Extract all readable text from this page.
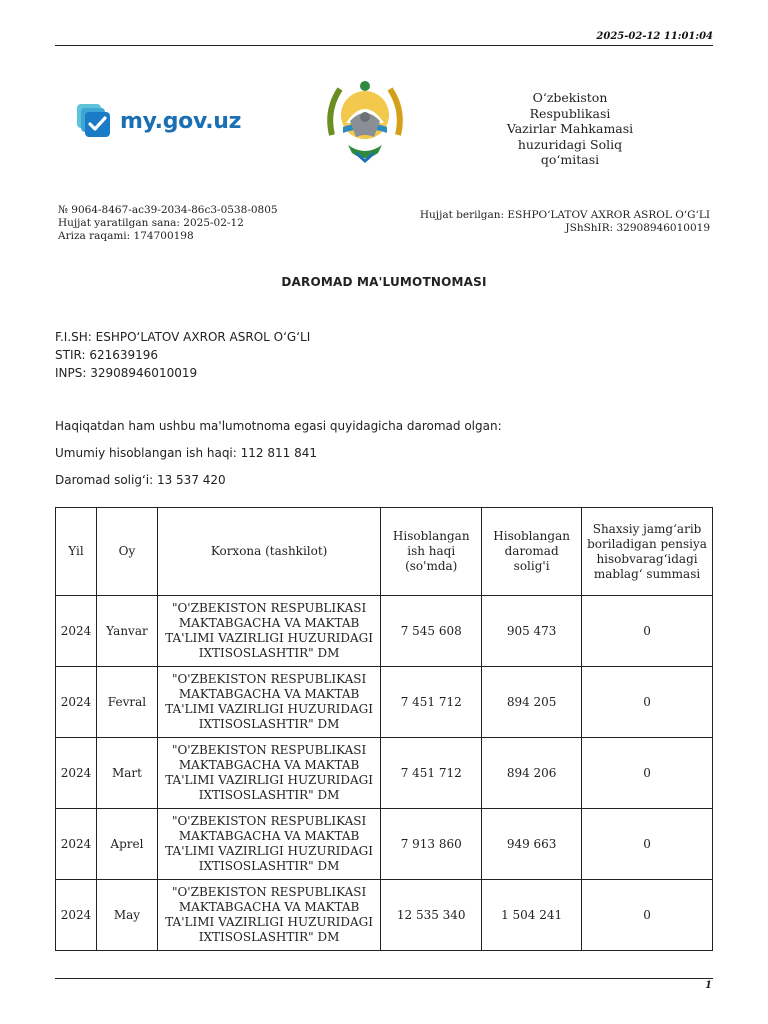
2025-02-12 11:01:04
my.gov.uz
O‘zbekiston Respublikasi
Vazirlar Mahkamasi
huzuridagi Soliq
qo‘mitasi
№ 9064-8467-ac39-2034-86c3-0538-0805
Hujjat yaratilgan sana: 2025-02-12
Ariza raqami: 174700198
Hujjat berilgan: ESHPO‘LATOV AXROR ASROL O‘G‘LI
JShShIR: 32908946010019
DAROMAD MA'LUMOTNOMASI
F.I.SH: ESHPO‘LATOV AXROR ASROL O‘G‘LI
STIR: 621639196
INPS: 32908946010019
Haqiqatdan ham ushbu ma'lumotnoma egasi quyidagicha daromad olgan:
Umumiy hisoblangan ish haqi: 112 811 841
Daromad solig‘i: 13 537 420
Yil	Oy	Korxona (tashkilot)	Hisoblangan ish haqi (so'mda)	Hisoblangan daromad solig'i	Shaxsiy jamg‘arib boriladigan pensiya hisobvarag‘idagi mablag‘ summasi
2024	Yanvar	"O'ZBEKISTON RESPUBLIKASI MAKTABGACHA VA MAKTAB TA'LIMI VAZIRLIGI HUZURIDAGI IXTISOSLASHTIR" DM	7 545 608	905 473	0
2024	Fevral	"O'ZBEKISTON RESPUBLIKASI MAKTABGACHA VA MAKTAB TA'LIMI VAZIRLIGI HUZURIDAGI IXTISOSLASHTIR" DM	7 451 712	894 205	0
2024	Mart	"O'ZBEKISTON RESPUBLIKASI MAKTABGACHA VA MAKTAB TA'LIMI VAZIRLIGI HUZURIDAGI IXTISOSLASHTIR" DM	7 451 712	894 206	0
2024	Aprel	"O'ZBEKISTON RESPUBLIKASI MAKTABGACHA VA MAKTAB TA'LIMI VAZIRLIGI HUZURIDAGI IXTISOSLASHTIR" DM	7 913 860	949 663	0
2024	May	"O'ZBEKISTON RESPUBLIKASI MAKTABGACHA VA MAKTAB TA'LIMI VAZIRLIGI HUZURIDAGI IXTISOSLASHTIR" DM	12 535 340	1 504 241	0
1
